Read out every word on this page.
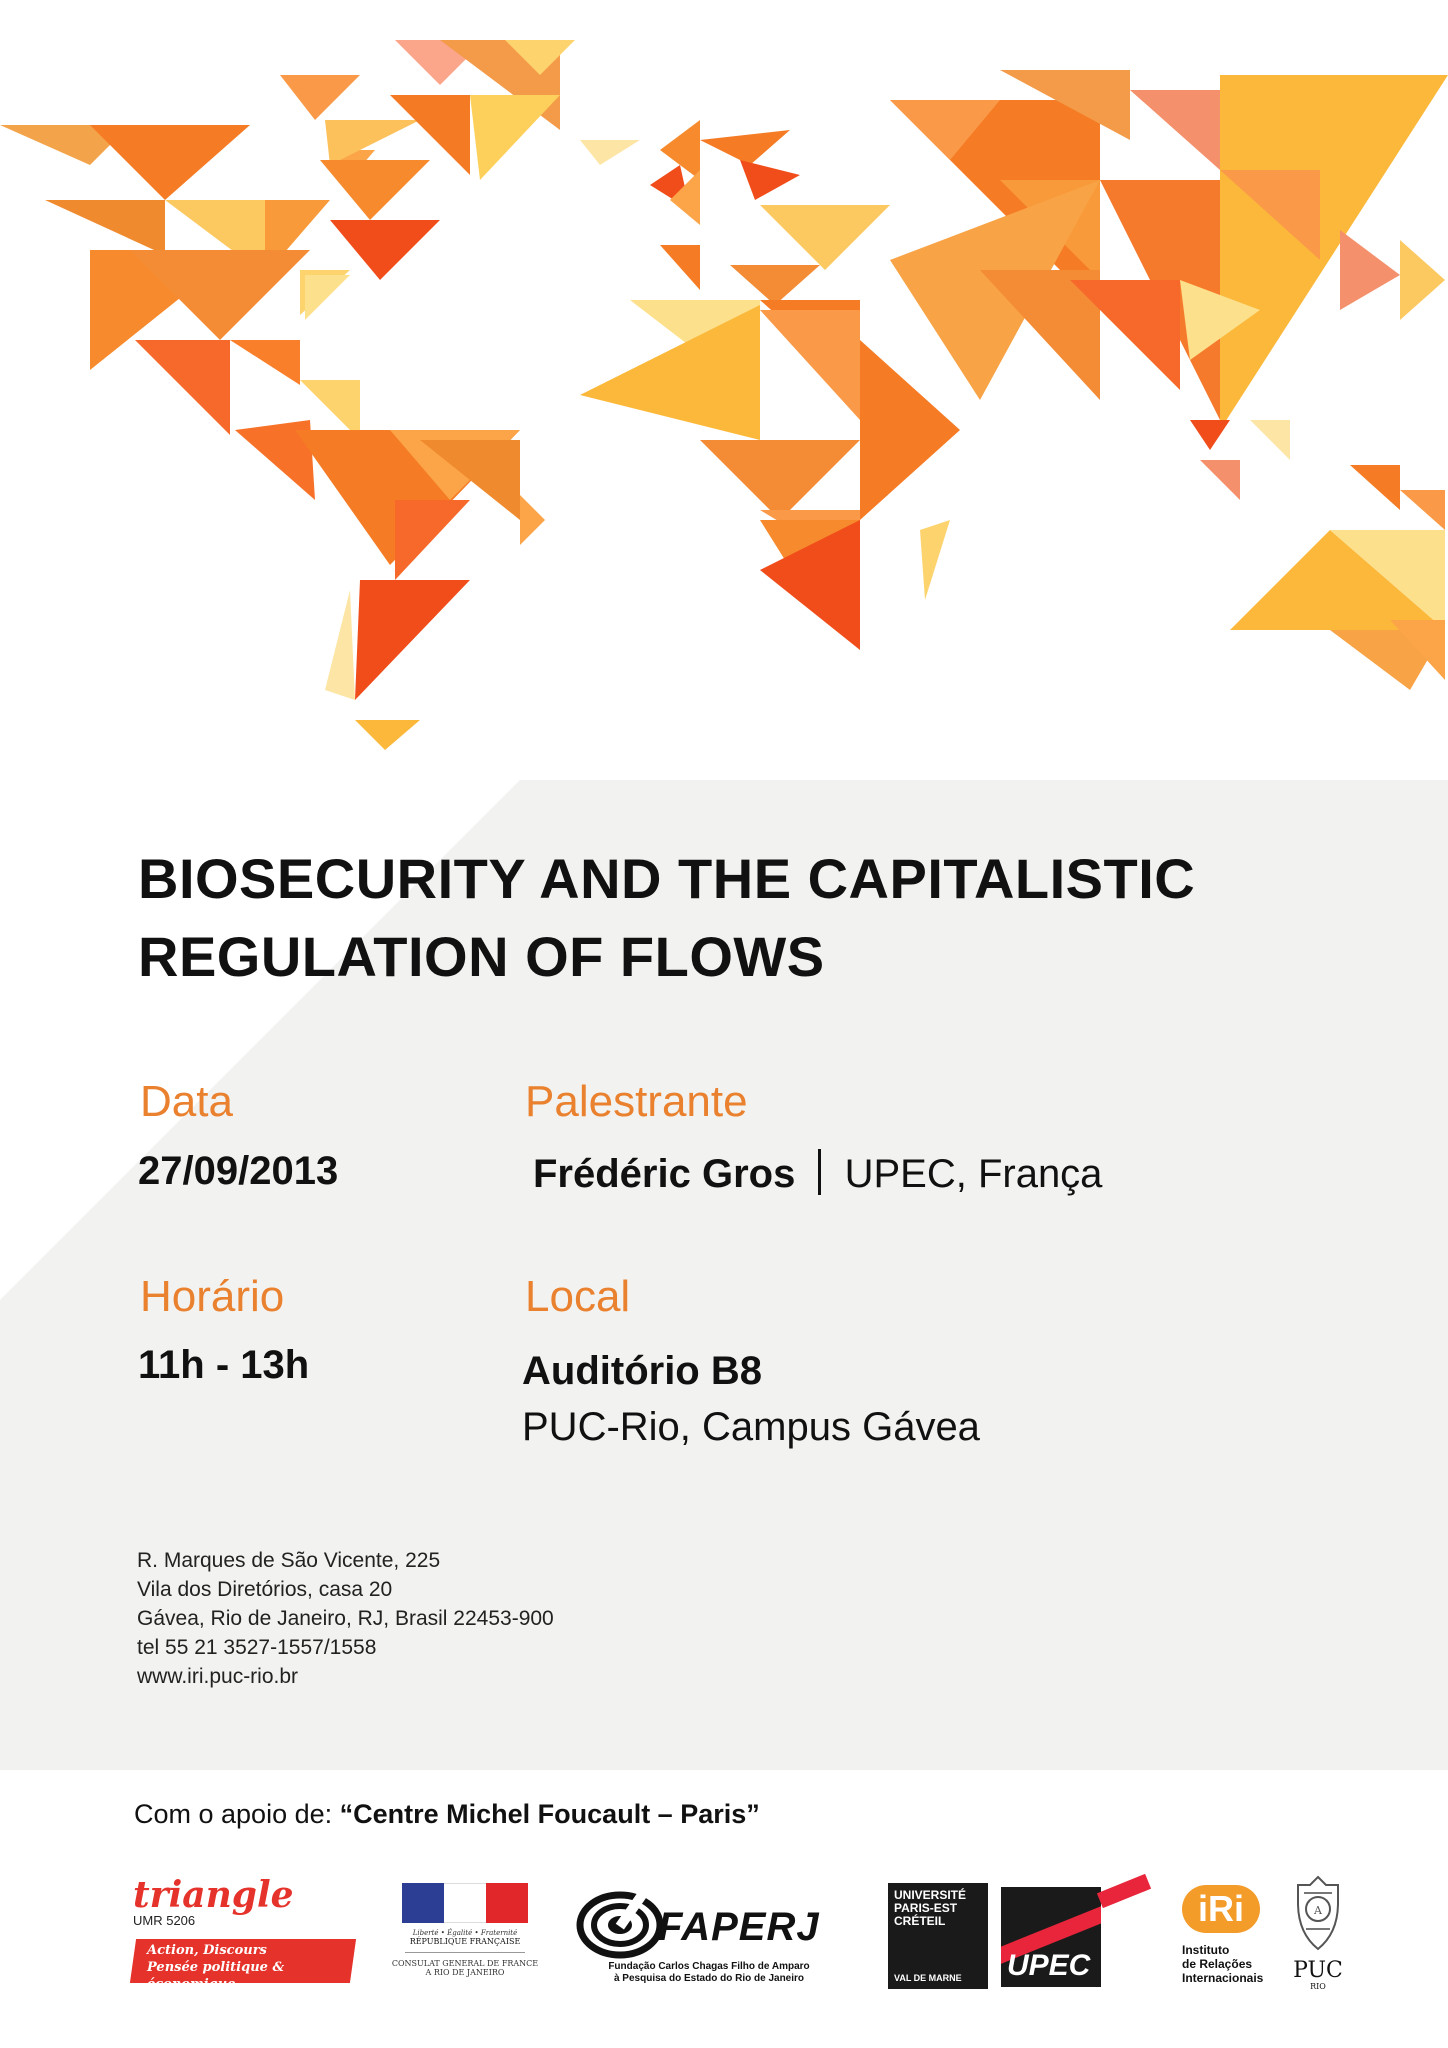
BIOSECURITY AND THE CAPITALISTIC
REGULATION OF FLOWS
Data
27/09/2013
Palestrante
Frédéric Gros UPEC, França
Horário
11h - 13h
Local
Auditório B8
PUC-Rio, Campus Gávea
R. Marques de São Vicente, 225
Vila dos Diretórios, casa 20
Gávea, Rio de Janeiro, RJ, Brasil 22453-900
tel 55 21 3527-1557/1558
www.iri.puc-rio.br
Com o apoio de: “Centre Michel Foucault – Paris”
triangle
UMR 5206
Action, Discours
Pensée politique & économique
Liberté • Égalité • Fraternité
RÉPUBLIQUE FRANÇAISE
CONSULAT GENERAL DE FRANCE
A RIO DE JANEIRO
FAPERJ
Fundação Carlos Chagas Filho de Amparo
à Pesquisa do Estado do Rio de Janeiro
UNIVERSITÉ
PARIS-EST
CRÉTEIL
VAL DE MARNE UPEC
iRi
Instituto
de Relações
Internacionais
A
PUC
RIO
